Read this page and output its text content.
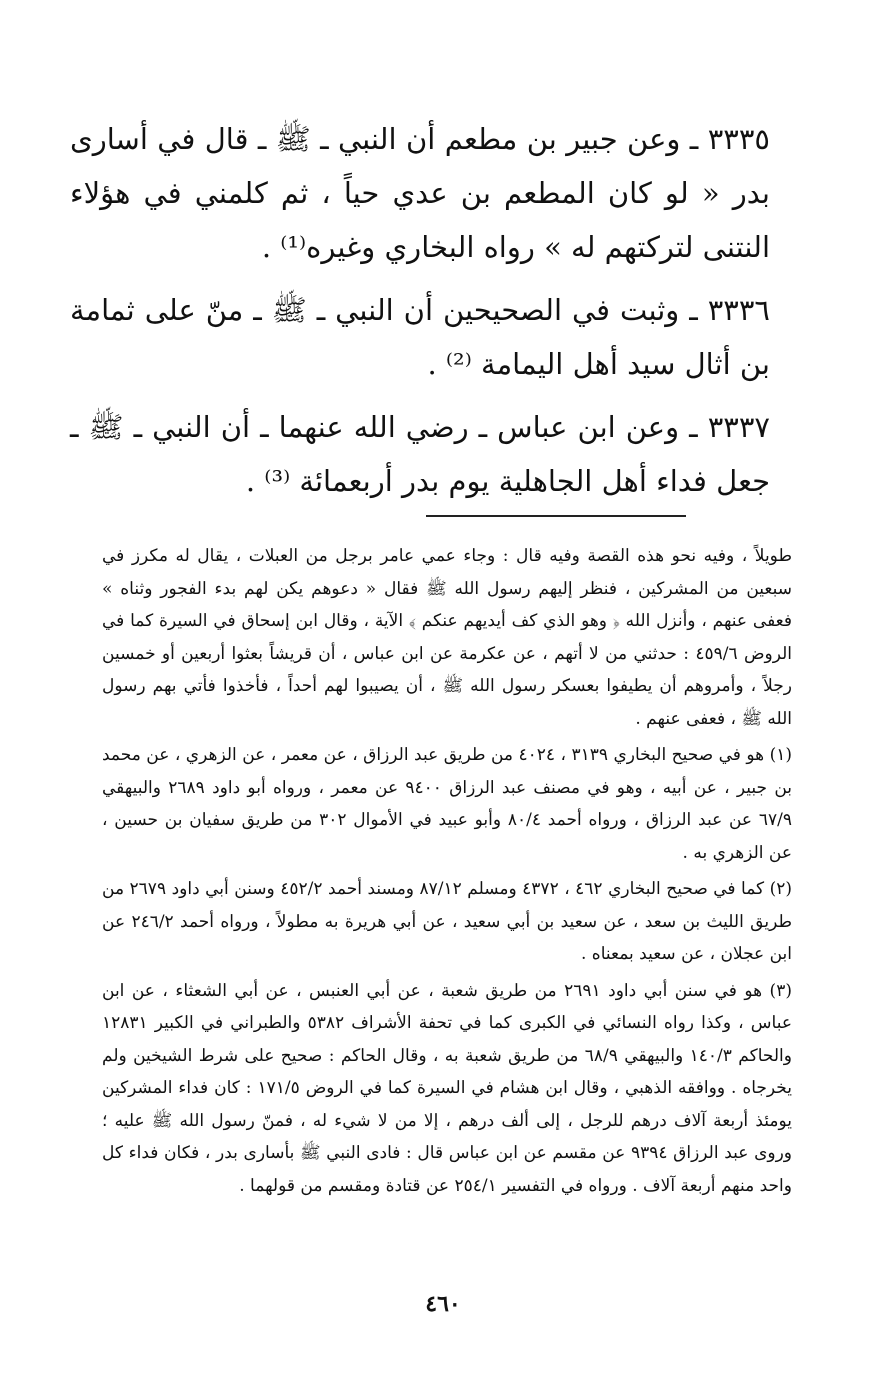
٣٣٣٥ ـ وعن جبير بن مطعم أن النبي ـ ﷺ ـ قال في أسارى بدر « لو كان المطعم بن عدي حياً ، ثم كلمني في هؤلاء النتنى لتركتهم له » رواه البخاري وغيره⁽¹⁾ .

٣٣٣٦ ـ وثبت في الصحيحين أن النبي ـ ﷺ ـ منّ على ثمامة بن أثال سيد أهل اليمامة ⁽²⁾ .

٣٣٣٧ ـ وعن ابن عباس ـ رضي الله عنهما ـ أن النبي ـ ﷺ ـ جعل فداء أهل الجاهلية يوم بدر أربعمائة ⁽³⁾ .

طويلاً ، وفيه نحو هذه القصة وفيه قال : وجاء عمي عامر برجل من العبلات ، يقال له مكرز في سبعين من المشركين ، فنظر إليهم رسول الله ﷺ فقال « دعوهم يكن لهم بدء الفجور وثناه » فعفى عنهم ، وأنزل الله ﴿ وهو الذي كف أيديهم عنكم ﴾ الآية ، وقال ابن إسحاق في السيرة كما في الروض ٤٥٩/٦ : حدثني من لا أتهم ، عن عكرمة عن ابن عباس ، أن قريشاً بعثوا أربعين أو خمسين رجلاً ، وأمروهم أن يطيفوا بعسكر رسول الله ﷺ ، أن يصيبوا لهم أحداً ، فأخذوا فأتي بهم رسول الله ﷺ ، فعفى عنهم .

(١) هو في صحيح البخاري ٣١٣٩ ، ٤٠٢٤ من طريق عبد الرزاق ، عن معمر ، عن الزهري ، عن محمد بن جبير ، عن أبيه ، وهو في مصنف عبد الرزاق ٩٤٠٠ عن معمر ، ورواه أبو داود ٢٦٨٩ والبيهقي ٦٧/٩ عن عبد الرزاق ، ورواه أحمد ٨٠/٤ وأبو عبيد في الأموال ٣٠٢ من طريق سفيان بن حسين ، عن الزهري به .

(٢) كما في صحيح البخاري ٤٦٢ ، ٤٣٧٢ ومسلم ٨٧/١٢ ومسند أحمد ٤٥٢/٢ وسنن أبي داود ٢٦٧٩ من طريق الليث بن سعد ، عن سعيد بن أبي سعيد ، عن أبي هريرة به مطولاً ، ورواه أحمد ٢٤٦/٢ عن ابن عجلان ، عن سعيد بمعناه .

(٣) هو في سنن أبي داود ٢٦٩١ من طريق شعبة ، عن أبي العنبس ، عن أبي الشعثاء ، عن ابن عباس ، وكذا رواه النسائي في الكبرى كما في تحفة الأشراف ٥٣٨٢ والطبراني في الكبير ١٢٨٣١ والحاكم ١٤٠/٣ والبيهقي ٦٨/٩ من طريق شعبة به ، وقال الحاكم : صحيح على شرط الشيخين ولم يخرجاه . ووافقه الذهبي ، وقال ابن هشام في السيرة كما في الروض ١٧١/٥ : كان فداء المشركين يومئذ أربعة آلاف درهم للرجل ، إلى ألف درهم ، إلا من لا شيء له ، فمنّ رسول الله ﷺ عليه ؛ وروى عبد الرزاق ٩٣٩٤ عن مقسم عن ابن عباس قال : فادى النبي ﷺ بأسارى بدر ، فكان فداء كل واحد منهم أربعة آلاف . ورواه في التفسير ٢٥٤/١ عن قتادة ومقسم من قولهما .

٤٦٠
